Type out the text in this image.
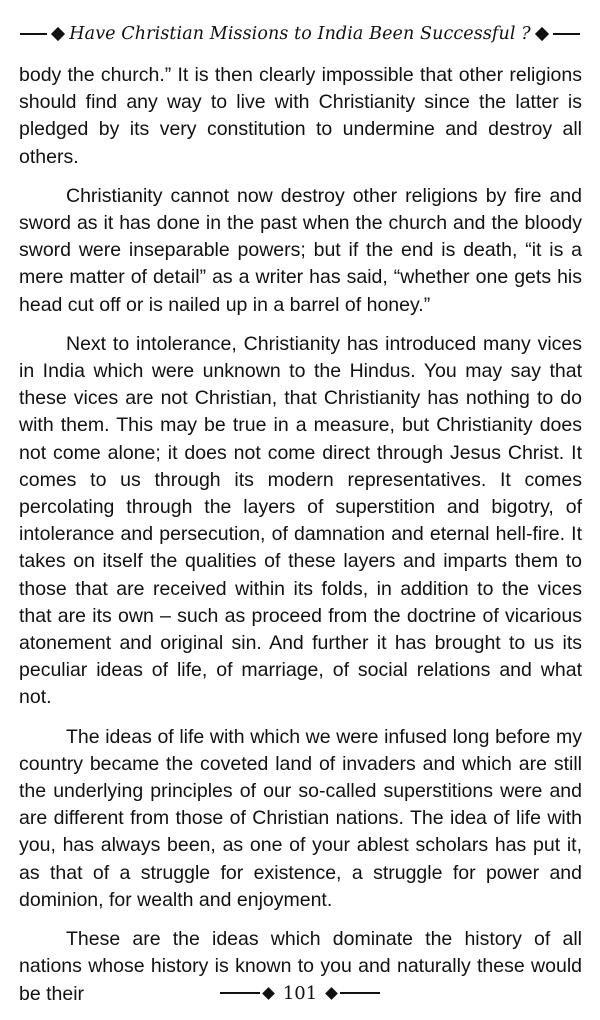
Have Christian Missions to India Been Successful ?

body the church.” It is then clearly impossible that other religions should find any way to live with Christianity since the latter is pledged by its very constitution to undermine and destroy all others.

Christianity cannot now destroy other religions by fire and sword as it has done in the past when the church and the bloody sword were inseparable powers; but if the end is death, “it is a mere matter of detail” as a writer has said, “whether one gets his head cut off or is nailed up in a barrel of honey.”

Next to intolerance, Christianity has introduced many vices in India which were unknown to the Hindus. You may say that these vices are not Christian, that Christianity has nothing to do with them. This may be true in a measure, but Christianity does not come alone; it does not come direct through Jesus Christ. It comes to us through its modern representatives. It comes percolating through the layers of superstition and bigotry, of intolerance and persecution, of damnation and eternal hell-fire. It takes on itself the qualities of these layers and imparts them to those that are received within its folds, in addition to the vices that are its own – such as proceed from the doctrine of vicarious atonement and original sin. And further it has brought to us its peculiar ideas of life, of marriage, of social relations and what not.

The ideas of life with which we were infused long before my country became the coveted land of invaders and which are still the underlying principles of our so-called superstitions were and are different from those of Christian nations. The idea of life with you, has always been, as one of your ablest scholars has put it, as that of a struggle for existence, a struggle for power and dominion, for wealth and enjoyment.

These are the ideas which dominate the history of all nations whose history is known to you and naturally these would be their	101
